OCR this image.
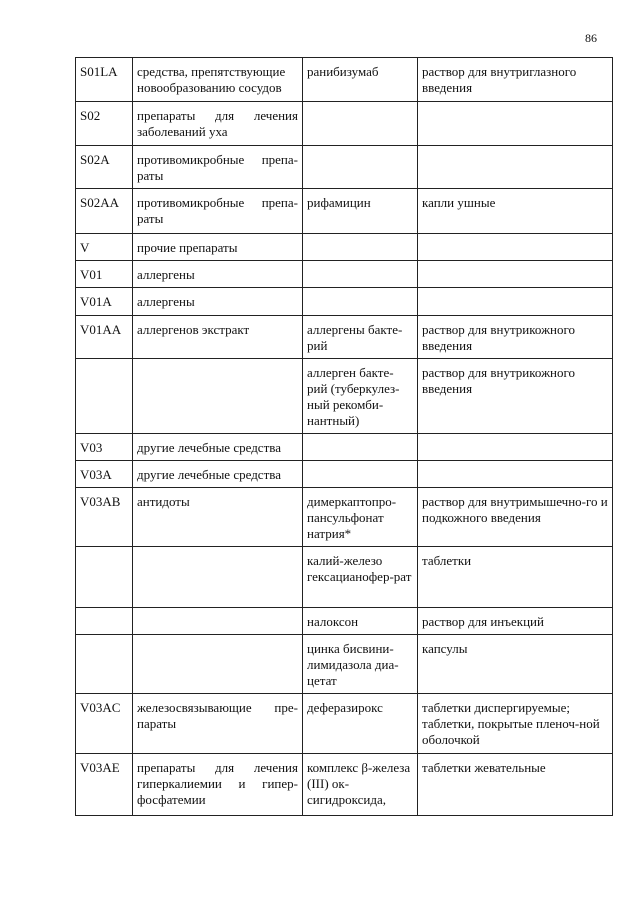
86
S01LA	средства, препятствующие новообразованию сосудов	ранибизумаб	раствор для внутриглазного введения
S02	препараты для лечения заболеваний уха		
S02A	противомикробные препа-раты		
S02AA	противомикробные препа-раты	рифамицин	капли ушные
V	прочие препараты		
V01	аллергены		
V01A	аллергены		
V01AA	аллергенов экстракт	аллергены бакте-рий	раствор для внутрикожного введения
		аллерген бакте-рий (туберкулез-ный рекомби-нантный)	раствор для внутрикожного введения
V03	другие лечебные средства		
V03A	другие лечебные средства		
V03AB	антидоты	димеркаптопро-пансульфонат натрия*	раствор для внутримышечно-го и подкожного введения
		калий-железо гексацианофер-рат	таблетки
		налоксон	раствор для инъекций
		цинка бисвини-лимидазола диа-цетат	капсулы
V03AC	железосвязывающие пре-параты	деферазирокс	таблетки диспергируемые; таблетки, покрытые пленоч-ной оболочкой
V03AE	препараты для лечения гиперкалиемии и гипер-фосфатемии	комплекс β-железа (III) ок-сигидроксида,	таблетки жевательные
